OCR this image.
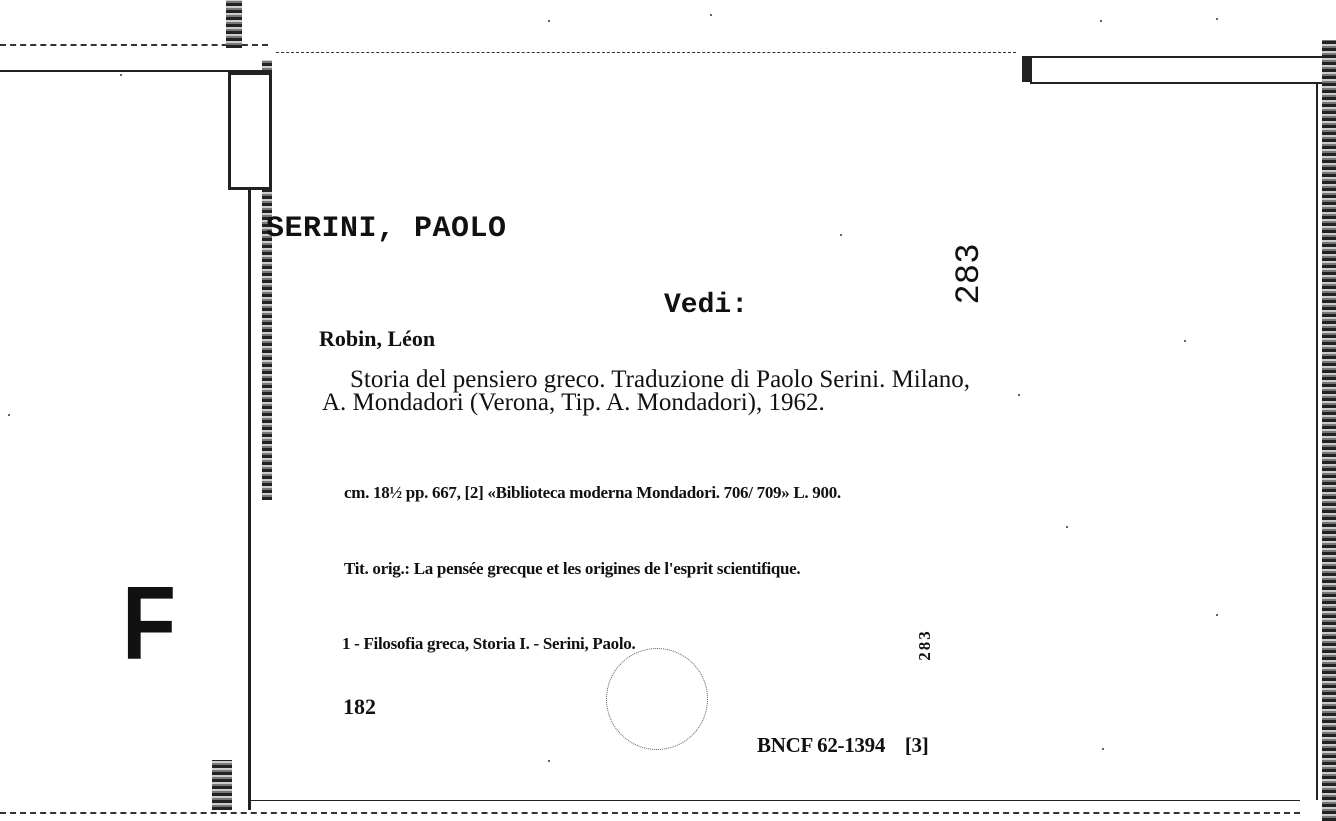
F
SERINI, PAOLO
283
Vedi:
Robin, Léon
Storia del pensiero greco. Traduzione di Paolo Serini. Milano, A. Mondadori (Verona, Tip. A. Mondadori), 1962.
cm. 18½ pp. 667, [2] «Biblioteca moderna Mondadori. 706/ 709» L. 900.
Tit. orig.: La pensée grecque et les origines de l'esprit scientifique.
1 - Filosofia greca, Storia I. - Serini, Paolo.	283
182
BNCF 62-1394 [3]
